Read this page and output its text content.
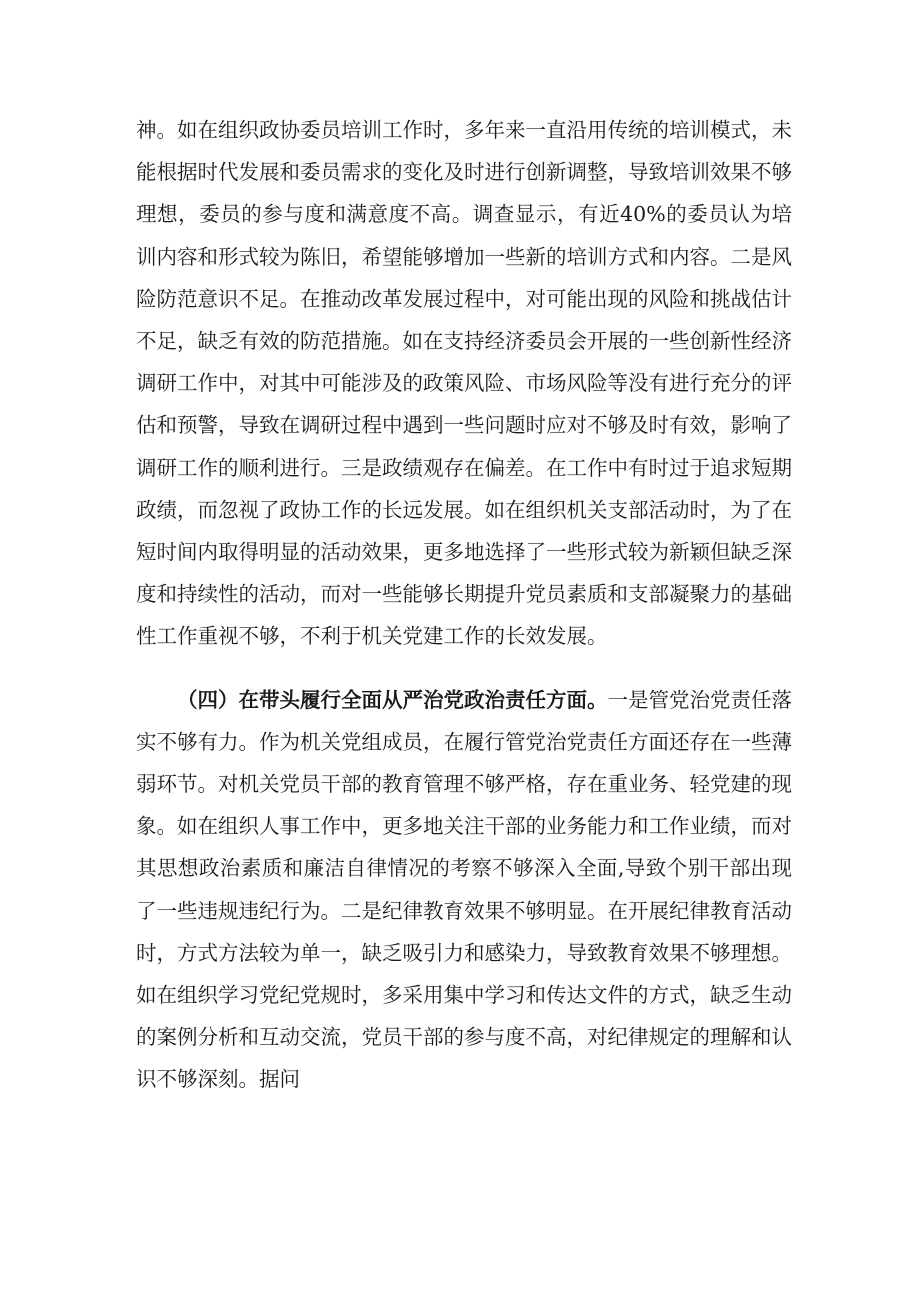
神。如在组织政协委员培训工作时，多年来一直沿用传统的培训模式，未能根据时代发展和委员需求的变化及时进行创新调整，导致培训效果不够理想，委员的参与度和满意度不高。调查显示，有近40%的委员认为培训内容和形式较为陈旧，希望能够增加一些新的培训方式和内容。二是风险防范意识不足。在推动改革发展过程中，对可能出现的风险和挑战估计不足，缺乏有效的防范措施。如在支持经济委员会开展的一些创新性经济调研工作中，对其中可能涉及的政策风险、市场风险等没有进行充分的评估和预警，导致在调研过程中遇到一些问题时应对不够及时有效，影响了调研工作的顺利进行。三是政绩观存在偏差。在工作中有时过于追求短期政绩，而忽视了政协工作的长远发展。如在组织机关支部活动时，为了在短时间内取得明显的活动效果，更多地选择了一些形式较为新颖但缺乏深度和持续性的活动，而对一些能够长期提升党员素质和支部凝聚力的基础性工作重视不够，不利于机关党建工作的长效发展。

（四）在带头履行全面从严治党政治责任方面。一是管党治党责任落实不够有力。作为机关党组成员，在履行管党治党责任方面还存在一些薄弱环节。对机关党员干部的教育管理不够严格，存在重业务、轻党建的现象。如在组织人事工作中，更多地关注干部的业务能力和工作业绩，而对其思想政治素质和廉洁自律情况的考察不够深入全面,导致个别干部出现了一些违规违纪行为。二是纪律教育效果不够明显。在开展纪律教育活动时，方式方法较为单一，缺乏吸引力和感染力，导致教育效果不够理想。如在组织学习党纪党规时，多采用集中学习和传达文件的方式，缺乏生动的案例分析和互动交流，党员干部的参与度不高，对纪律规定的理解和认识不够深刻。据问
